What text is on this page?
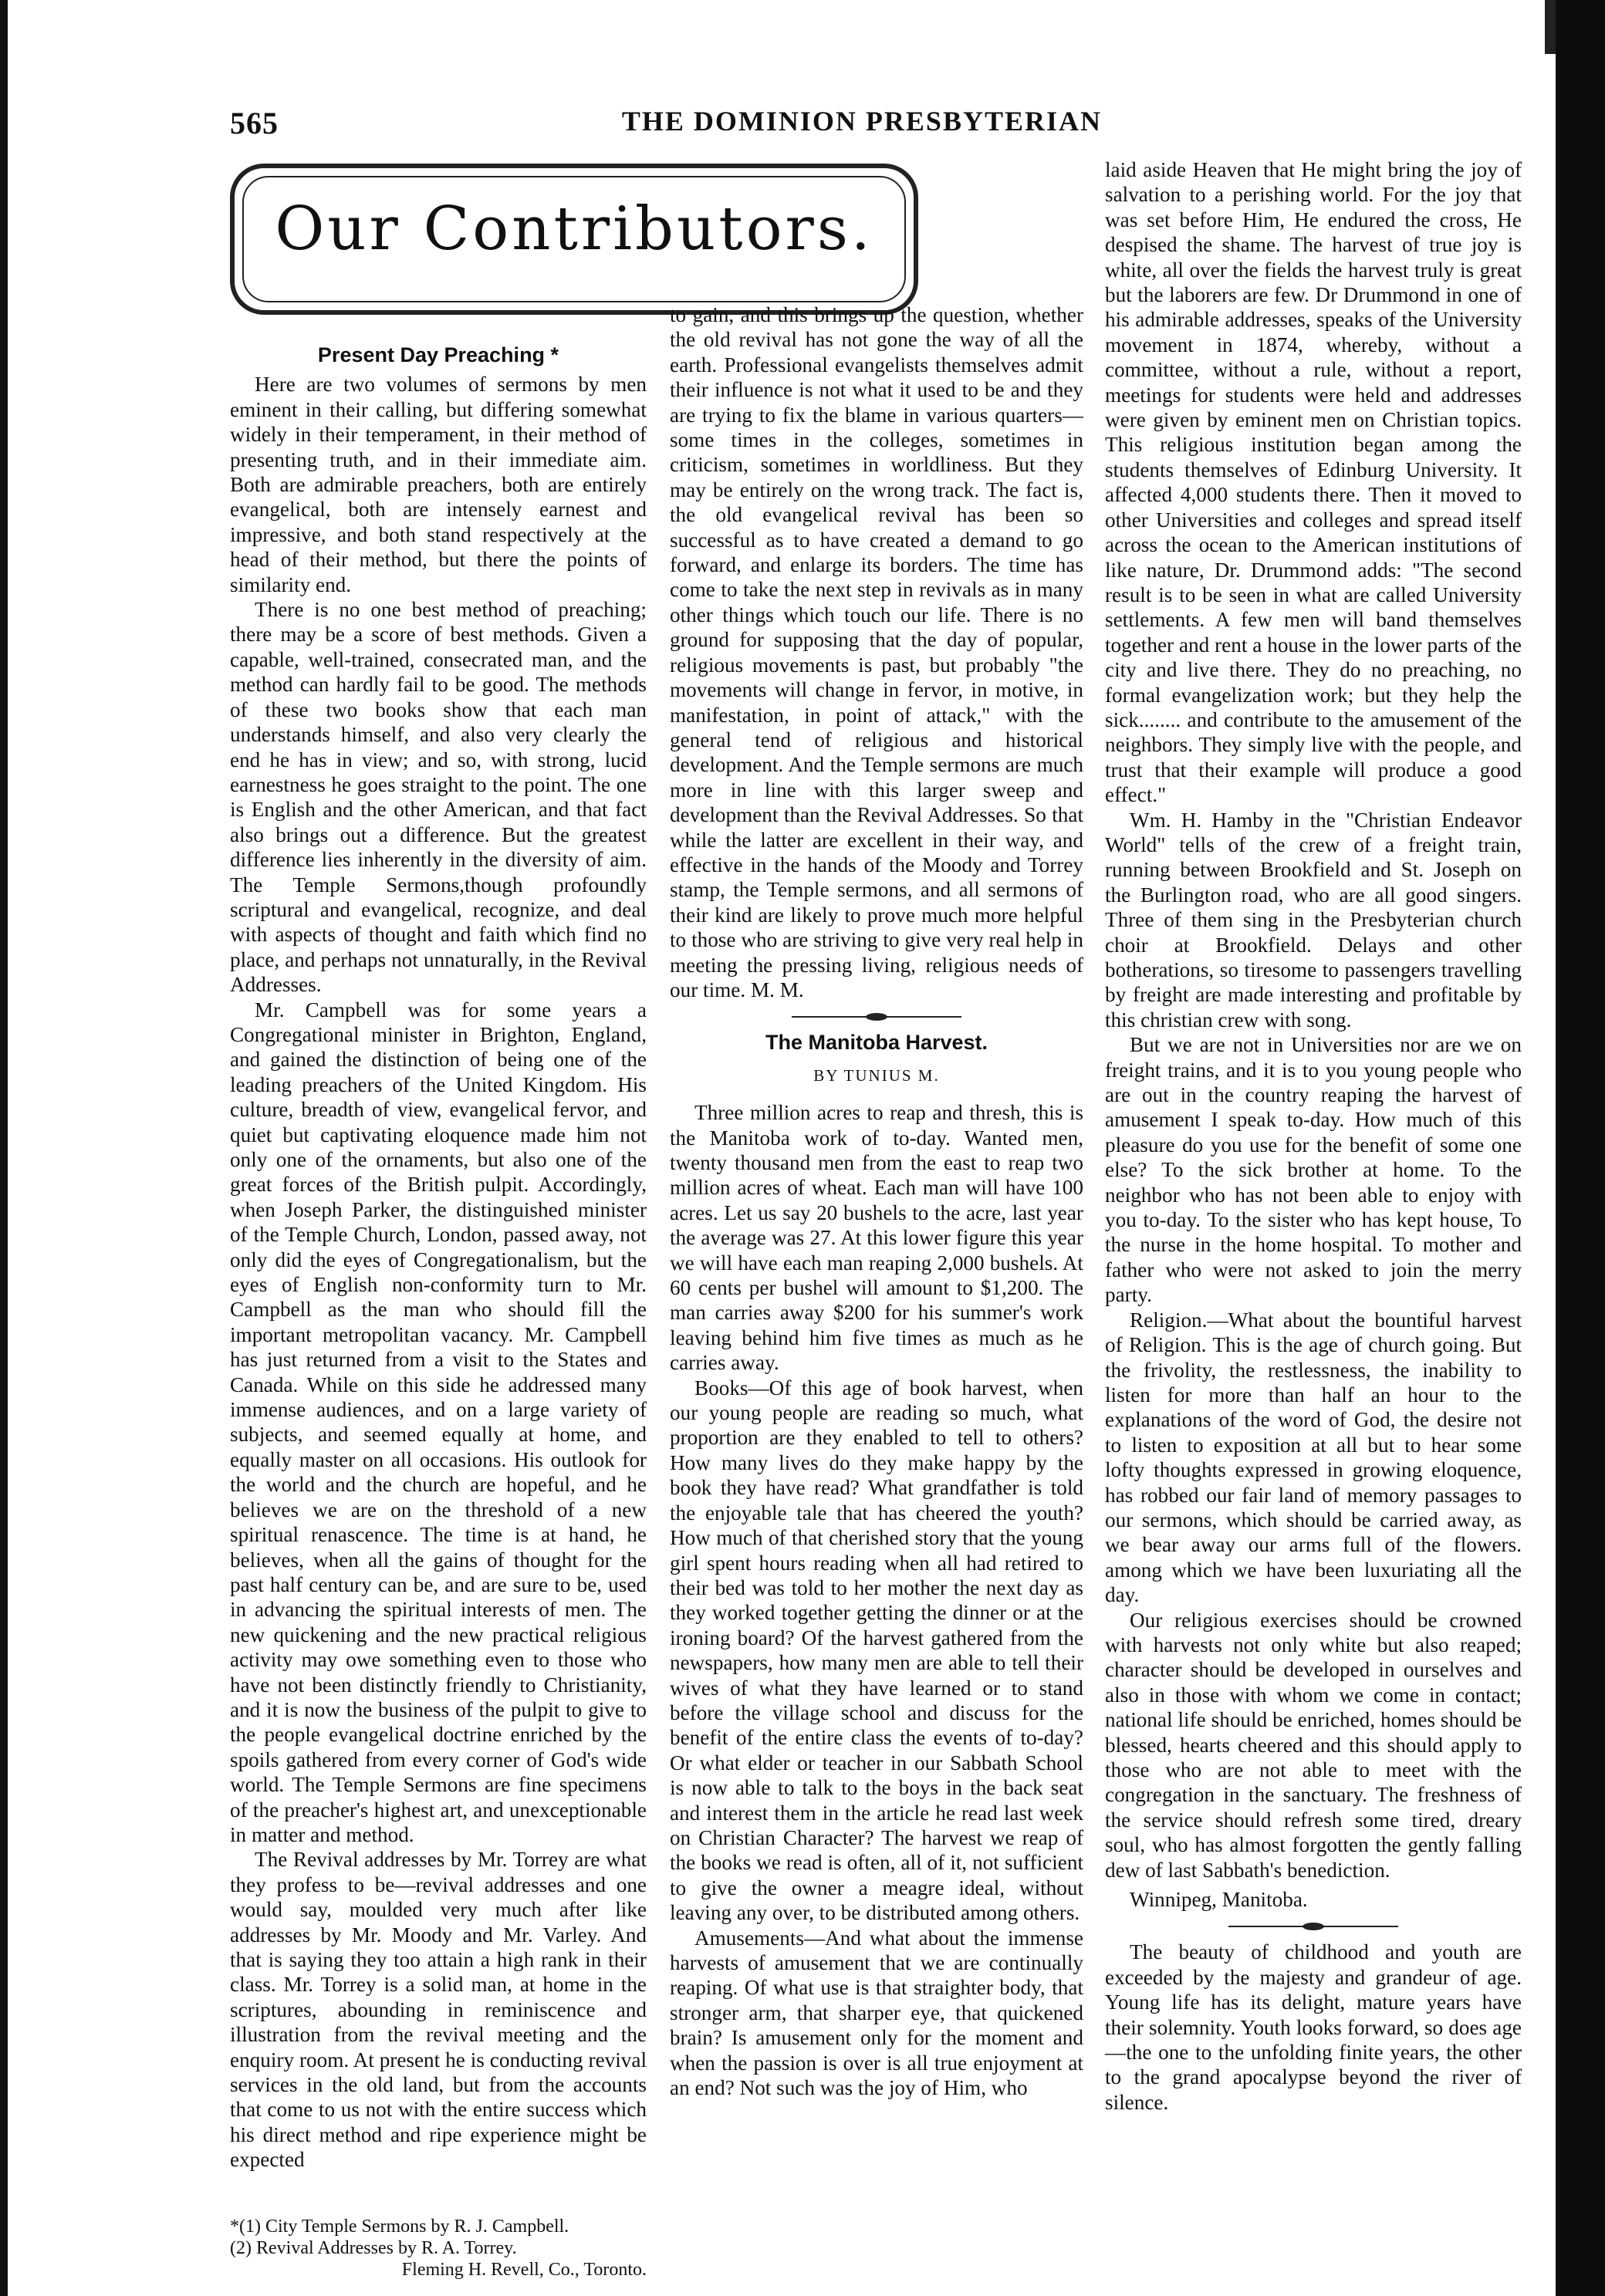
565	THE DOMINION PRESBYTERIAN
Our Contributors.
Present Day Preaching *

Here are two volumes of sermons by men eminent in their calling, but differing somewhat widely in their temperament, in their method of presenting truth, and in their immediate aim. Both are admirable preachers, both are entirely evangelical, both are intensely earnest and impressive, and both stand respectively at the head of their method, but there the points of similarity end.

There is no one best method of preaching; there may be a score of best methods. Given a capable, well-trained, consecrated man, and the method can hardly fail to be good. The methods of these two books show that each man understands himself, and also very clearly the end he has in view; and so, with strong, lucid earnestness he goes straight to the point. The one is English and the other American, and that fact also brings out a difference. But the greatest difference lies inherently in the diversity of aim. The Temple Sermons,though profoundly scriptural and evangelical, recognize, and deal with aspects of thought and faith which find no place, and perhaps not unnaturally, in the Revival Addresses.

Mr. Campbell was for some years a Congregational minister in Brighton, England, and gained the distinction of being one of the leading preachers of the United Kingdom. His culture, breadth of view, evangelical fervor, and quiet but captivating eloquence made him not only one of the ornaments, but also one of the great forces of the British pulpit. Accordingly, when Joseph Parker, the distinguished minister of the Temple Church, London, passed away, not only did the eyes of Congregationalism, but the eyes of English non-conformity turn to Mr. Campbell as the man who should fill the important metropolitan vacancy. Mr. Campbell has just returned from a visit to the States and Canada. While on this side he addressed many immense audiences, and on a large variety of subjects, and seemed equally at home, and equally master on all occasions. His outlook for the world and the church are hopeful, and he believes we are on the threshold of a new spiritual renascence. The time is at hand, he believes, when all the gains of thought for the past half century can be, and are sure to be, used in advancing the spiritual interests of men. The new quickening and the new practical religious activity may owe something even to those who have not been distinctly friendly to Christianity, and it is now the business of the pulpit to give to the people evangelical doctrine enriched by the spoils gathered from every corner of God's wide world. The Temple Sermons are fine specimens of the preacher's highest art, and unexceptionable in matter and method.

The Revival addresses by Mr. Torrey are what they profess to be—revival addresses and one would say, moulded very much after like addresses by Mr. Moody and Mr. Varley. And that is saying they too attain a high rank in their class. Mr. Torrey is a solid man, at home in the scriptures, abounding in reminiscence and illustration from the revival meeting and the enquiry room. At present he is conducting revival services in the old land, but from the accounts that come to us not with the entire success which his direct method and ripe experience might be expected

to gain, and this brings up the question, whether the old revival has not gone the way of all the earth. Professional evangelists themselves admit their influence is not what it used to be and they are trying to fix the blame in various quarters—some times in the colleges, sometimes in criticism, sometimes in worldliness. But they may be entirely on the wrong track. The fact is, the old evangelical revival has been so successful as to have created a demand to go forward, and enlarge its borders. The time has come to take the next step in revivals as in many other things which touch our life. There is no ground for supposing that the day of popular, religious movements is past, but probably "the movements will change in fervor, in motive, in manifestation, in point of attack," with the general tend of religious and historical development. And the Temple sermons are much more in line with this larger sweep and development than the Revival Addresses. So that while the latter are excellent in their way, and effective in the hands of the Moody and Torrey stamp, the Temple sermons, and all sermons of their kind are likely to prove much more helpful to those who are striving to give very real help in meeting the pressing living, religious needs of our time. M. M.

The Manitoba Harvest.
BY TUNIUS M.

Three million acres to reap and thresh, this is the Manitoba work of to-day. Wanted men, twenty thousand men from the east to reap two million acres of wheat. Each man will have 100 acres. Let us say 20 bushels to the acre, last year the average was 27. At this lower figure this year we will have each man reaping 2,000 bushels. At 60 cents per bushel will amount to $1,200. The man carries away $200 for his summer's work leaving behind him five times as much as he carries away.

Books—Of this age of book harvest, when our young people are reading so much, what proportion are they enabled to tell to others? How many lives do they make happy by the book they have read? What grandfather is told the enjoyable tale that has cheered the youth? How much of that cherished story that the young girl spent hours reading when all had retired to their bed was told to her mother the next day as they worked together getting the dinner or at the ironing board? Of the harvest gathered from the newspapers, how many men are able to tell their wives of what they have learned or to stand before the village school and discuss for the benefit of the entire class the events of to-day? Or what elder or teacher in our Sabbath School is now able to talk to the boys in the back seat and interest them in the article he read last week on Christian Character? The harvest we reap of the books we read is often, all of it, not sufficient to give the owner a meagre ideal, without leaving any over, to be distributed among others.

Amusements—And what about the immense harvests of amusement that we are continually reaping. Of what use is that straighter body, that stronger arm, that sharper eye, that quickened brain? Is amusement only for the moment and when the passion is over is all true enjoyment at an end? Not such was the joy of Him, who

*(1) City Temple Sermons by R. J. Campbell.

(2) Revival Addresses by R. A. Torrey.

Fleming H. Revell, Co., Toronto.

laid aside Heaven that He might bring the joy of salvation to a perishing world. For the joy that was set before Him, He endured the cross, He despised the shame. The harvest of true joy is white, all over the fields the harvest truly is great but the laborers are few. Dr Drummond in one of his admirable addresses, speaks of the University movement in 1874, whereby, without a committee, without a rule, without a report, meetings for students were held and addresses were given by eminent men on Christian topics. This religious institution began among the students themselves of Edinburg University. It affected 4,000 students there. Then it moved to other Universities and colleges and spread itself across the ocean to the American institutions of like nature, Dr. Drummond adds: "The second result is to be seen in what are called University settlements. A few men will band themselves together and rent a house in the lower parts of the city and live there. They do no preaching, no formal evangelization work; but they help the sick........ and contribute to the amusement of the neighbors. They simply live with the people, and trust that their example will produce a good effect."

Wm. H. Hamby in the "Christian Endeavor World" tells of the crew of a freight train, running between Brookfield and St. Joseph on the Burlington road, who are all good singers. Three of them sing in the Presbyterian church choir at Brookfield. Delays and other botherations, so tiresome to passengers travelling by freight are made interesting and profitable by this christian crew with song.

But we are not in Universities nor are we on freight trains, and it is to you young people who are out in the country reaping the harvest of amusement I speak to-day. How much of this pleasure do you use for the benefit of some one else? To the sick brother at home. To the neighbor who has not been able to enjoy with you to-day. To the sister who has kept house, To the nurse in the home hospital. To mother and father who were not asked to join the merry party.

Religion.—What about the bountiful harvest of Religion. This is the age of church going. But the frivolity, the restlessness, the inability to listen for more than half an hour to the explanations of the word of God, the desire not to listen to exposition at all but to hear some lofty thoughts expressed in growing eloquence, has robbed our fair land of memory passages to our sermons, which should be carried away, as we bear away our arms full of the flowers. among which we have been luxuriating all the day.

Our religious exercises should be crowned with harvests not only white but also reaped; character should be developed in ourselves and also in those with whom we come in contact; national life should be enriched, homes should be blessed, hearts cheered and this should apply to those who are not able to meet with the congregation in the sanctuary. The freshness of the service should refresh some tired, dreary soul, who has almost forgotten the gently falling dew of last Sabbath's benediction.

Winnipeg, Manitoba.

The beauty of childhood and youth are exceeded by the majesty and grandeur of age. Young life has its delight, mature years have their solemnity. Youth looks forward, so does age—the one to the unfolding finite years, the other to the grand apocalypse beyond the river of silence.
